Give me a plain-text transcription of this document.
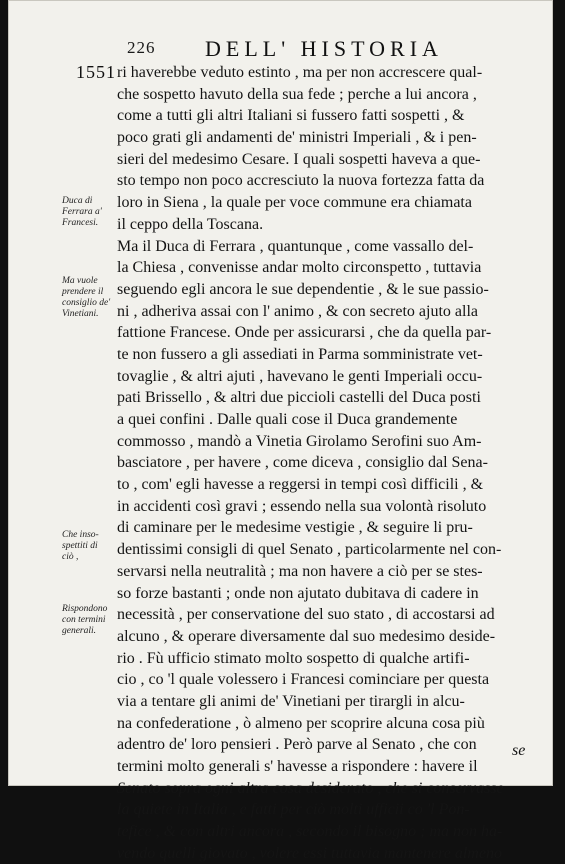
226 DELL' HISTORIA
1551 ri haverebbe veduto estinto , ma per non accrescere qual-
che sospetto havuto della sua fede ; perche a lui ancora ,
come a tutti gli altri Italiani si fussero fatti sospetti , &
poco grati gli andamenti de' ministri Imperiali , & i pen-
sieri del medesimo Cesare. I quali sospetti haveva a que-
sto tempo non poco accresciuto la nuova fortezza fatta da
loro in Siena , la quale per voce commune era chiamata
il ceppo della Toscana.
Ma il Duca di Ferrara , quantunque , come vassallo del-
la Chiesa , convenisse andar molto circonspetto , tuttavia
seguendo egli ancora le sue dependentie , & le sue passio-
ni , adheriva assai con l' animo , & con secreto ajuto alla
fattione Francese. Onde per assicurarsi , che da quella par-
te non fussero a gli assediati in Parma somministrate vet-
tovaglie , & altri ajuti , havevano le genti Imperiali occu-
pati Brissello , & altri due piccioli castelli del Duca posti
a quei confini . Dalle quali cose il Duca grandemente
commosso , mandò a Vinetia Girolamo Serofini suo Am-
basciatore , per havere , come diceva , consiglio dal Sena-
to , com' egli havesse a reggersi in tempi così difficili , &
in accidenti così gravi ; essendo nella sua volontà risoluto
di caminare per le medesime vestigie , & seguire li pru-
dentissimi consigli di quel Senato , particolarmente nel con-
servarsi nella neutralità ; ma non havere a ciò per se stes-
so forze bastanti ; onde non ajutato dubitava di cadere in
necessità , per conservatione del suo stato , di accostarsi ad
alcuno , & operare diversamente dal suo medesimo deside-
rio . Fù ufficio stimato molto sospetto di qualche artifi-
cio , co 'l quale volessero i Francesi cominciare per questa
via a tentare gli animi de' Vinetiani per tirargli in alcu-
na confederatione , ò almeno per scoprire alcuna cosa più
adentro de' loro pensieri . Però parve al Senato , che con
termini molto generali s' havesse a rispondere : havere il
Senato sopra ogni altra cosa desiderato , che si conservasse
la quiete in Italia , e fatti per ciò molti ufficii co 'l Pon-
tefice , & con altri ancora , secondo il bisogno ; ma non ha-
vendo quelli giovato , volere essi tuttavia mantenere almeno
se
Duca di
Ferrara a'
Francesi.
Ma vuole
prendere il
consiglio de'
Vinetiani.
Che inso-
spettiti di
ciò ,
Rispondono
con termini
generali.
